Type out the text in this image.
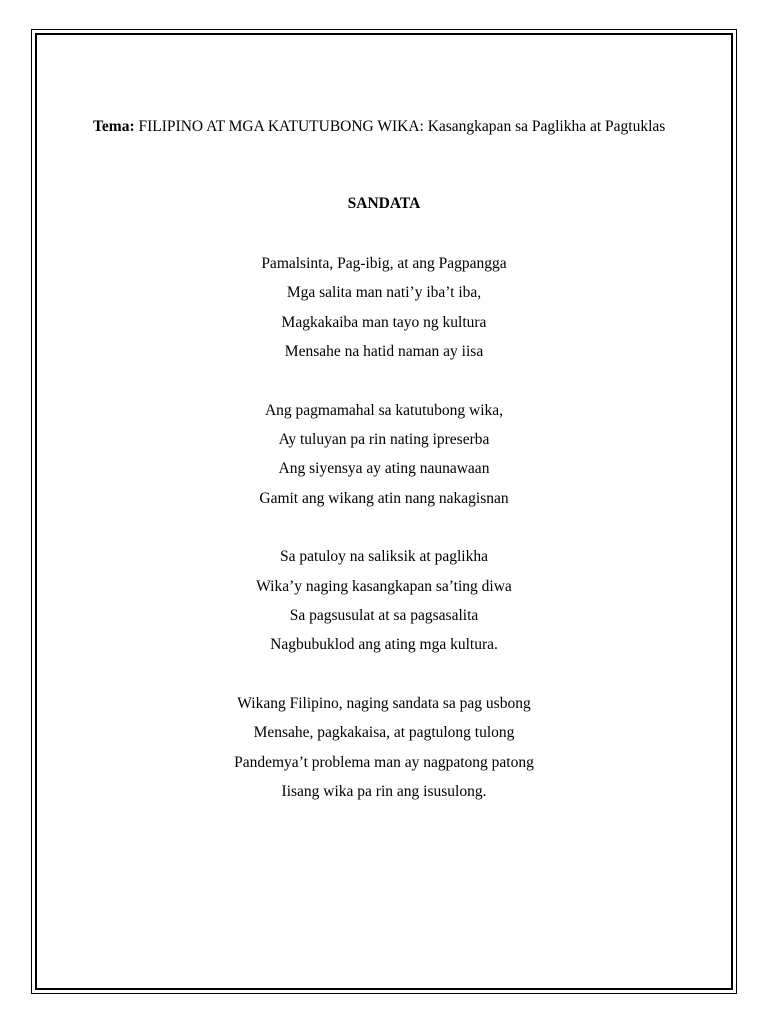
Tema: FILIPINO AT MGA KATUTUBONG WIKA: Kasangkapan sa Paglikha at Pagtuklas
SANDATA
Pamalsinta, Pag-ibig, at ang Pagpangga
Mga salita man nati’y iba’t iba,
Magkakaiba man tayo ng kultura
Mensahe na hatid naman ay iisa
Ang pagmamahal sa katutubong wika,
Ay tuluyan pa rin nating ipreserba
Ang siyensya ay ating naunawaan
Gamit ang wikang atin nang nakagisnan
Sa patuloy na saliksik at paglikha
Wika’y naging kasangkapan sa’ting diwa
Sa pagsusulat at sa pagsasalita
Nagbubuklod ang ating mga kultura.
Wikang Filipino, naging sandata sa pag usbong
Mensahe, pagkakaisa, at pagtulong tulong
Pandemya’t problema man ay nagpatong patong
Iisang wika pa rin ang isusulong.
